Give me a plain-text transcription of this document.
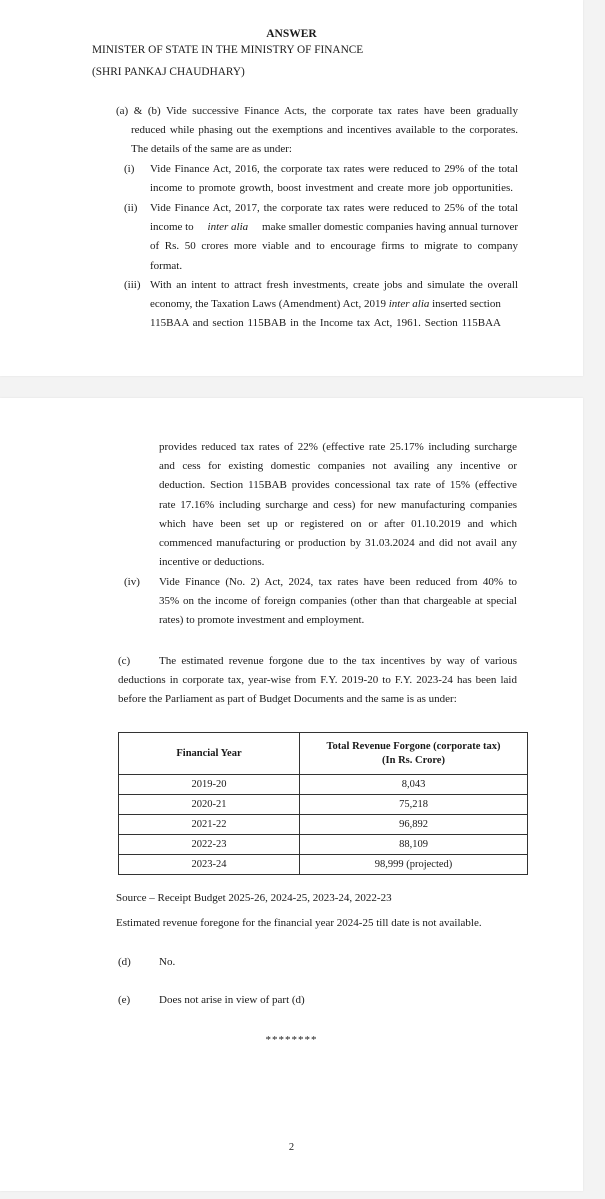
ANSWER
MINISTER OF STATE IN THE MINISTRY OF FINANCE
(SHRI PANKAJ CHAUDHARY)
(a) & (b) Vide successive Finance Acts, the corporate tax rates have been gradually
reduced while phasing out the exemptions and incentives available to the corporates.
The details of the same are as under:
(i) Vide Finance Act, 2016, the corporate tax rates were reduced to 29% of the total
income to promote growth, boost investment and create more job opportunities.
(ii) Vide Finance Act, 2017, the corporate tax rates were reduced to 25% of the total
income to inter alia make smaller domestic companies having annual turnover
of Rs. 50 crores more viable and to encourage firms to migrate to company
format.
(iii) With an intent to attract fresh investments, create jobs and simulate the overall
economy, the Taxation Laws (Amendment) Act, 2019 inter alia inserted section
115BAA and section 115BAB in the Income tax Act, 1961. Section 115BAA
provides reduced tax rates of 22% (effective rate 25.17% including surcharge
and cess for existing domestic companies not availing any incentive or
deduction. Section 115BAB provides concessional tax rate of 15% (effective
rate 17.16% including surcharge and cess) for new manufacturing companies
which have been set up or registered on or after 01.10.2019 and which
commenced manufacturing or production by 31.03.2024 and did not avail any
incentive or deductions.
(iv) Vide Finance (No. 2) Act, 2024, tax rates have been reduced from 40% to
35% on the income of foreign companies (other than that chargeable at special
rates) to promote investment and employment.
(c)	The estimated revenue forgone due to the tax incentives by way of various
deductions in corporate tax, year-wise from F.Y. 2019-20 to F.Y. 2023-24 has been laid
before the Parliament as part of Budget Documents and the same is as under:
Financial Year	Total Revenue Forgone (corporate tax)
(In Rs. Crore)

2019-20	8,043
2020-21	75,218
2021-22	96,892
2022-23	88,109
2023-24	98,999 (projected)
Source – Receipt Budget 2025-26, 2024-25, 2023-24, 2022-23
Estimated revenue foregone for the financial year 2024-25 till date is not available.
(d)	No.
(e)	Does not arise in view of part (d)
********
2
